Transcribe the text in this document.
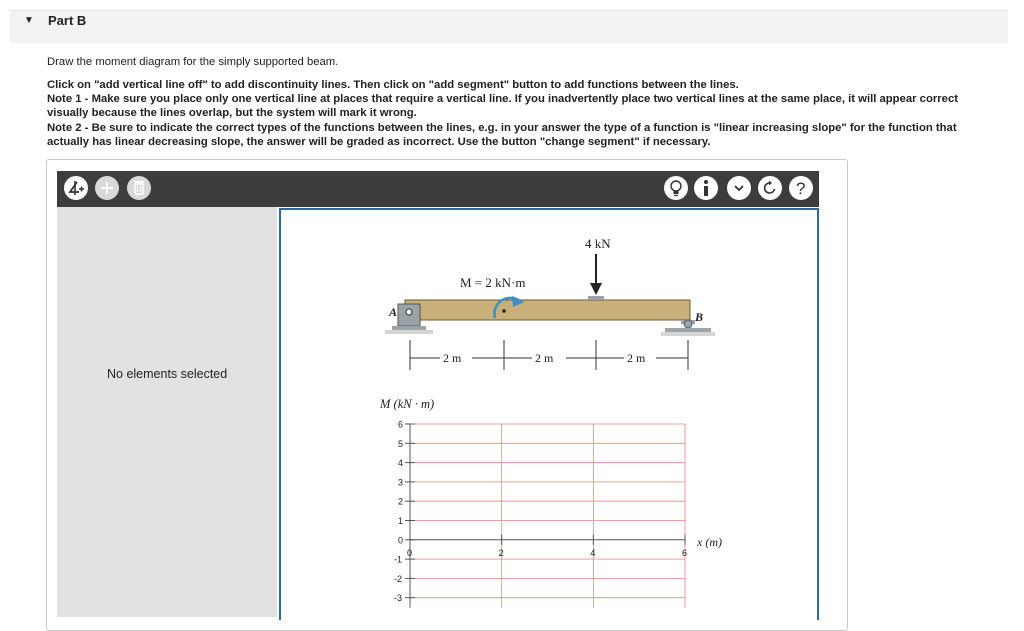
▼ Part B
Draw the moment diagram for the simply supported beam.
Click on "add vertical line off" to add discontinuity lines. Then click on "add segment" button to add functions between the lines.
Note 1 - Make sure you place only one vertical line at places that require a vertical line. If you inadvertently place two vertical lines at the same place, it will appear correct
visually because the lines overlap, but the system will mark it wrong.
Note 2 - Be sure to indicate the correct types of the functions between the lines, e.g. in your answer the type of a function is "linear increasing slope" for the function that
actually has linear decreasing slope, the answer will be graded as incorrect. Use the button "change segment" if necessary.
?
No elements selected
A	B
4 kN
M = 2 kN·m
2 m	2 m	2 m
M (kN · m)
x (m)
0	2	4	6
6
5
4
3
2
1
0
-1
-2
-3
